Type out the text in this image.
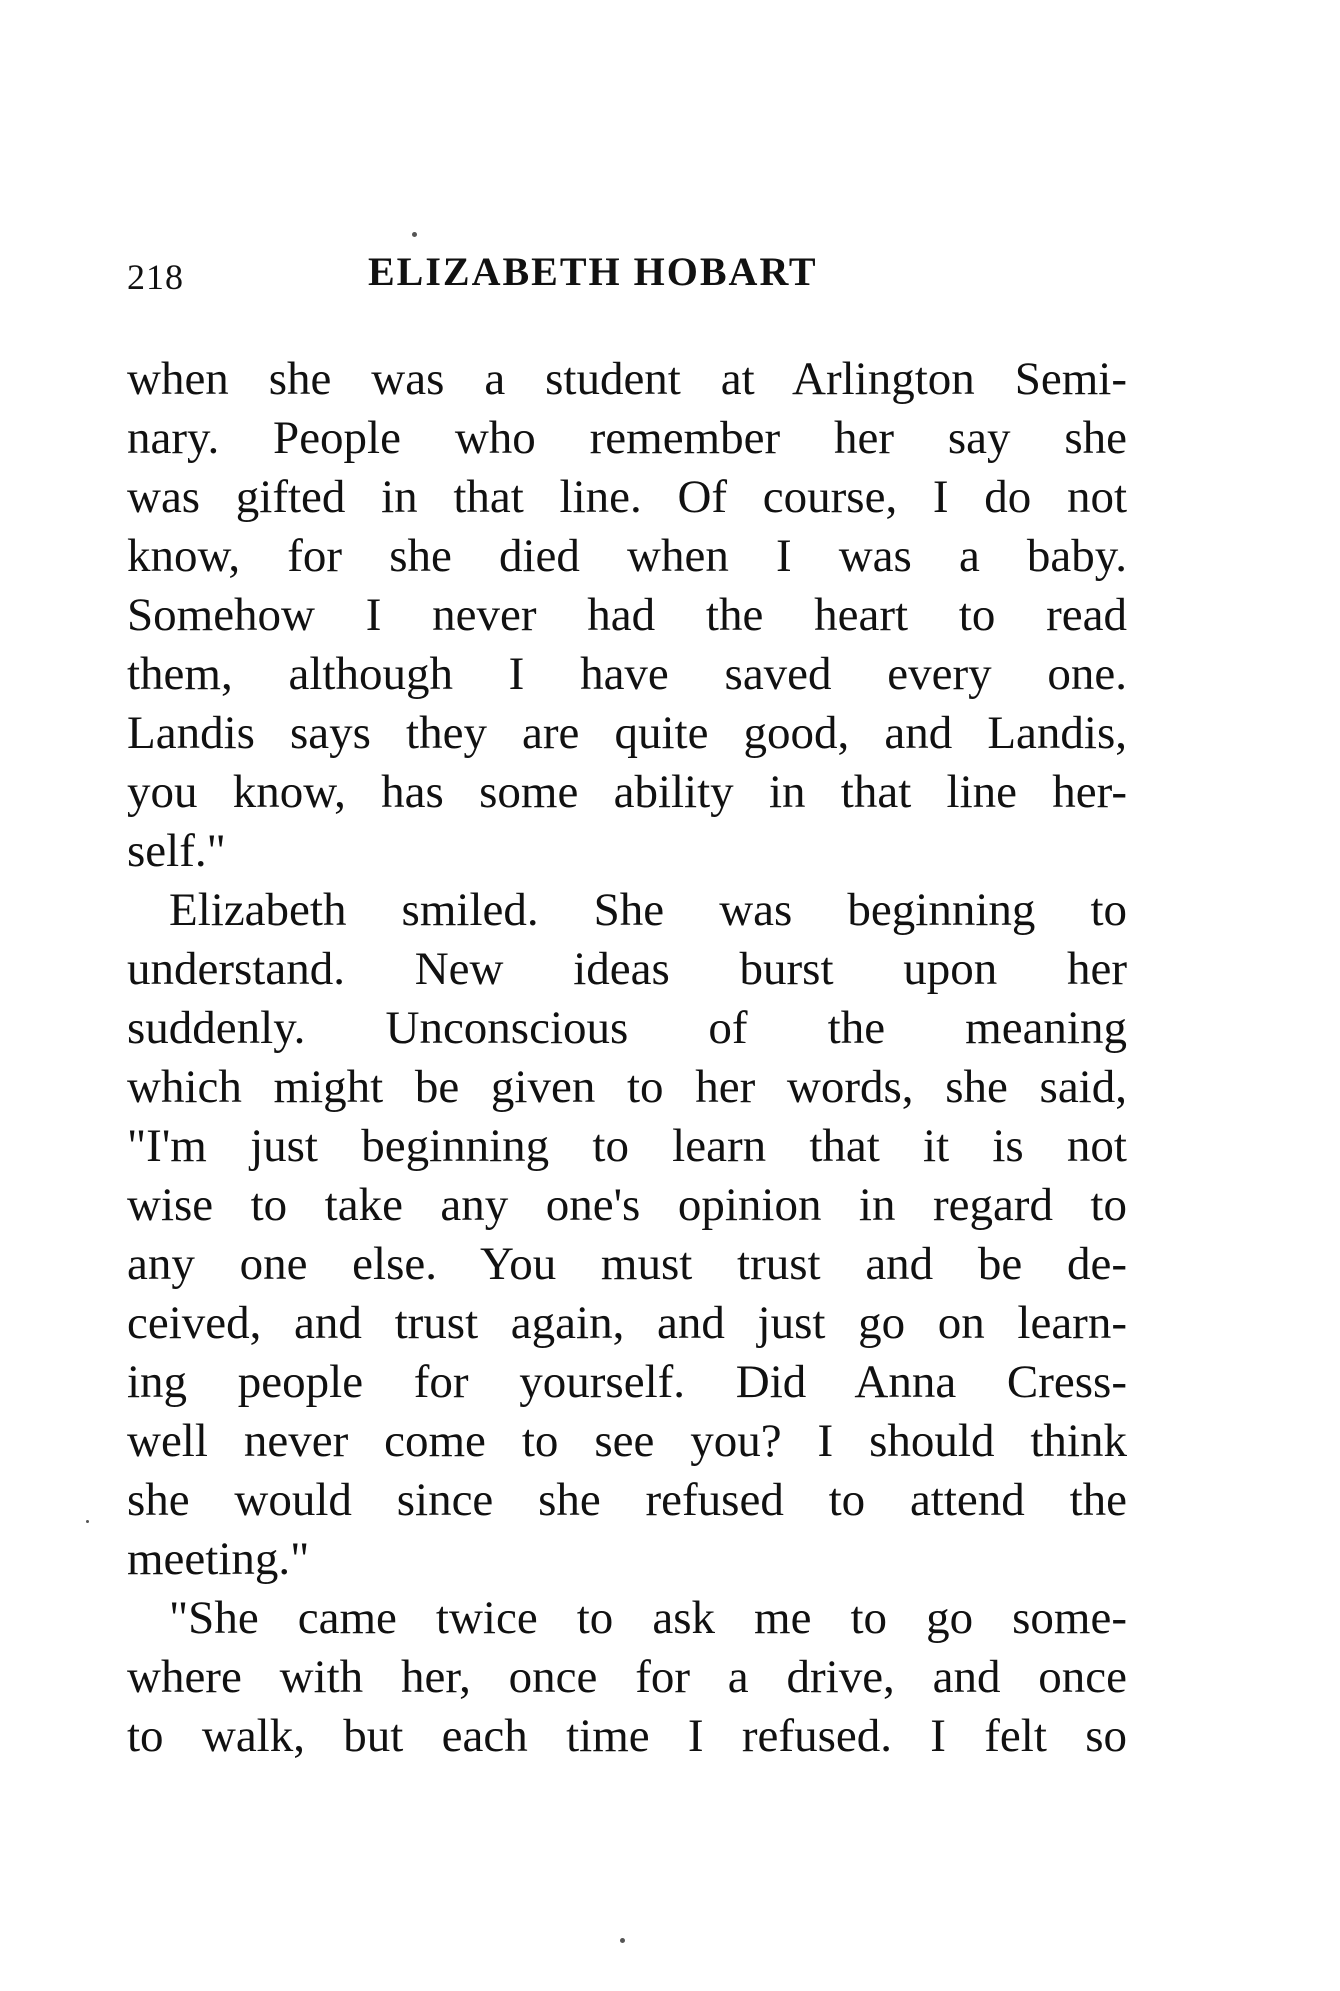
218	ELIZABETH HOBART
when she was a student at Arlington Semi-
nary. People who remember her say she
was gifted in that line. Of course, I do not
know, for she died when I was a baby.
Somehow I never had the heart to read
them, although I have saved every one.
Landis says they are quite good, and Landis,
you know, has some ability in that line her-
self."
Elizabeth smiled. She was beginning to
understand. New ideas burst upon her
suddenly. Unconscious of the meaning
which might be given to her words, she said,
"I'm just beginning to learn that it is not
wise to take any one's opinion in regard to
any one else. You must trust and be de-
ceived, and trust again, and just go on learn-
ing people for yourself. Did Anna Cress-
well never come to see you? I should think
she would since she refused to attend the
meeting."
"She came twice to ask me to go some-
where with her, once for a drive, and once
to walk, but each time I refused. I felt so
